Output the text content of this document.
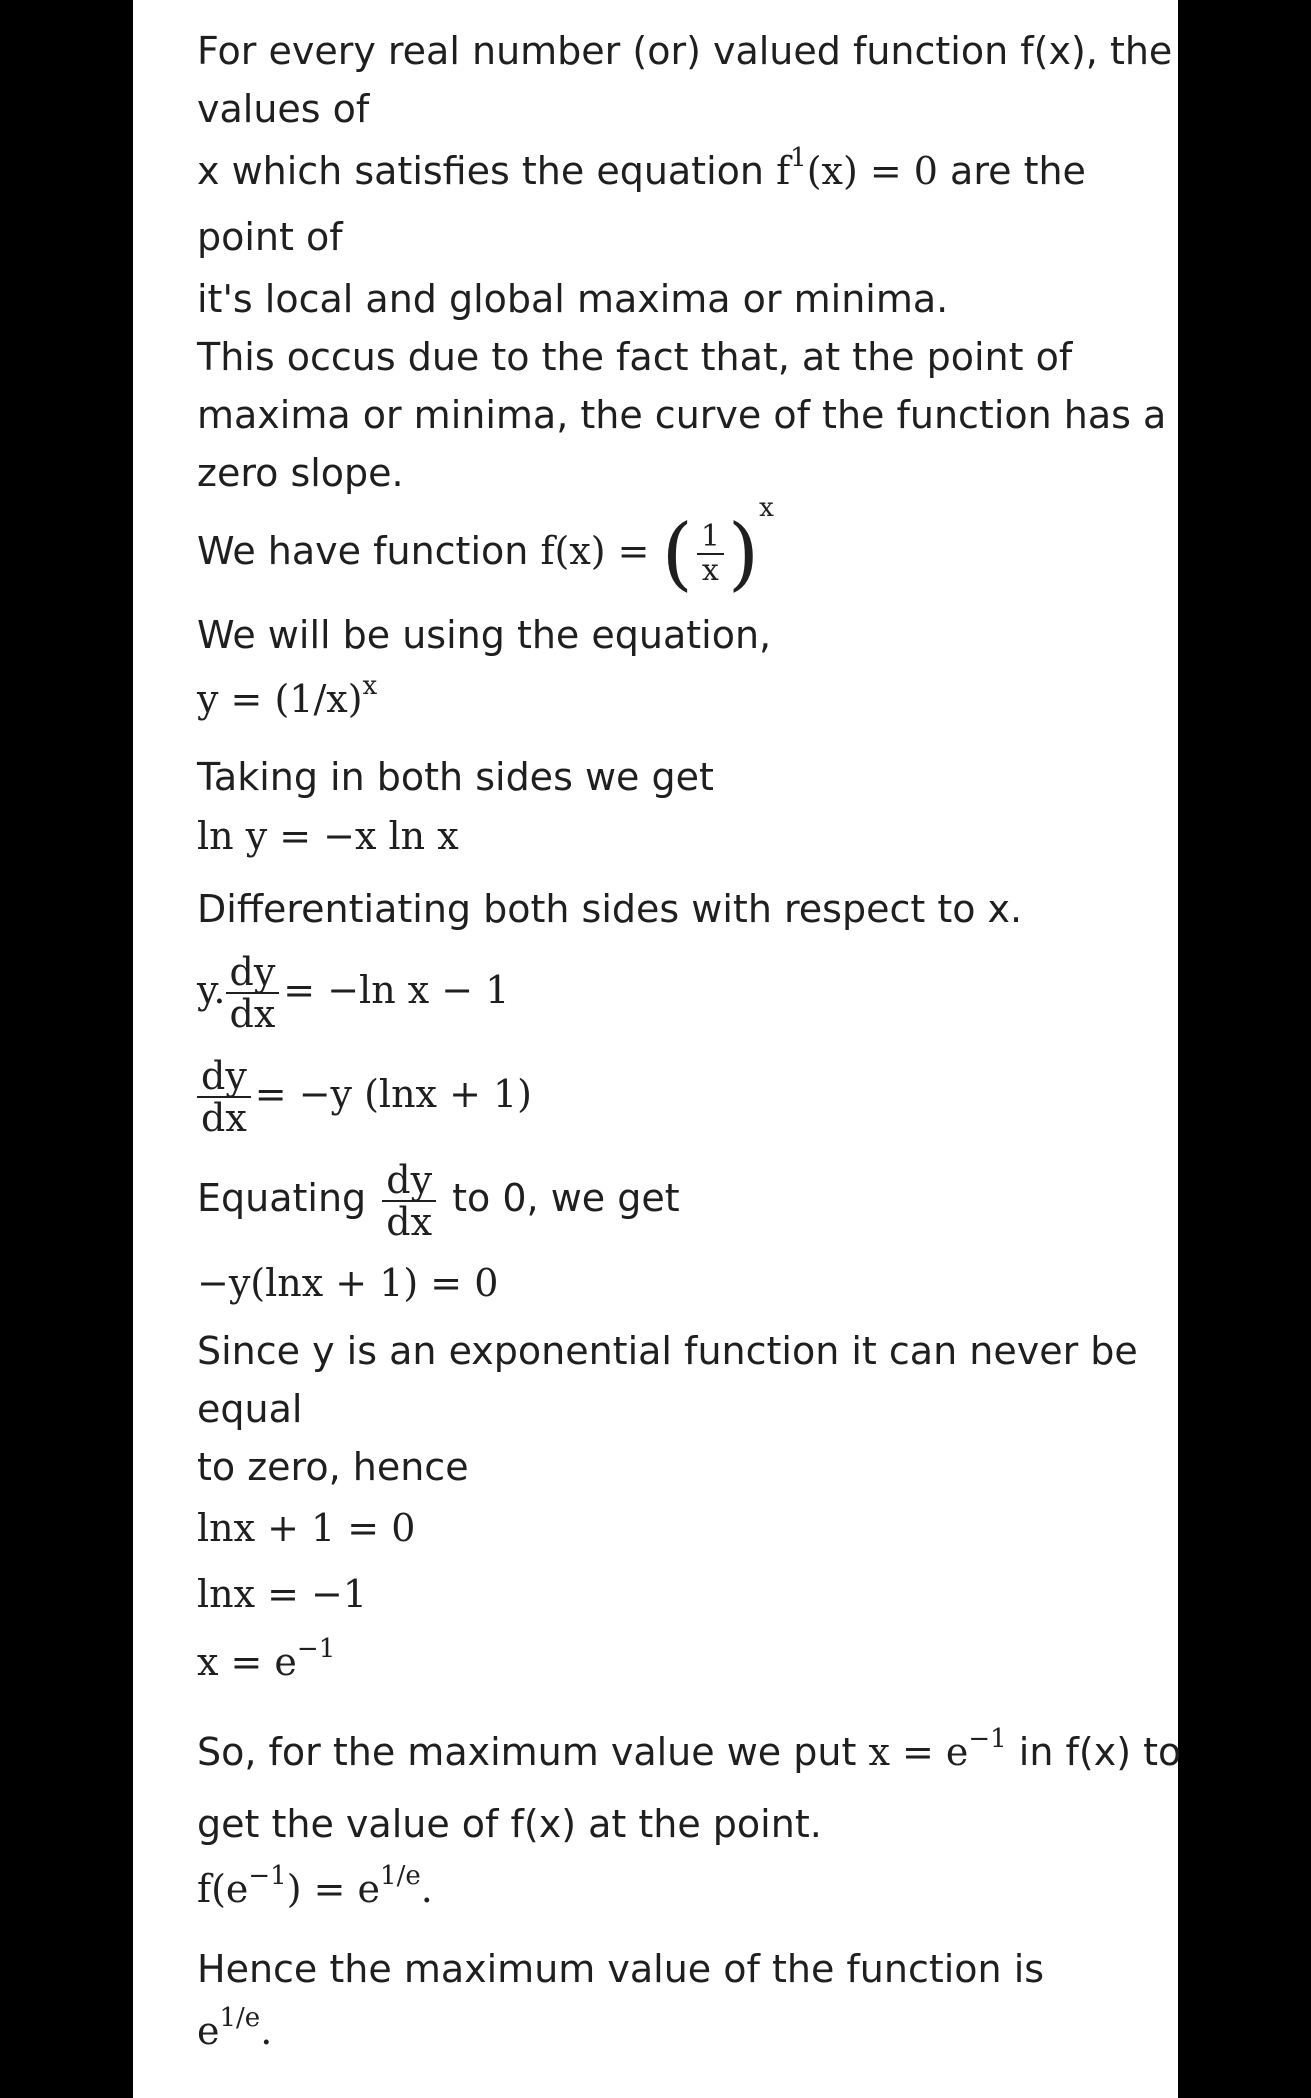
For every real number (or) valued function f(x), the
values of
x which satisfies the equation $f^1(x) = 0$ are the
point of
it's local and global maxima or minima.
This occus due to the fact that, at the point of
maxima or minima, the curve of the function has a
zero slope.
We have function f(x) = ( $\frac{1}{x} )^x$
We will be using the equation,
$y = (1/x)^x$
Taking in both sides we get
ln y = −x ln x
Differentiating both sides with respect to x.
y. $\frac{dy}{dx} = -\ln$ x − 1
$\frac{dy}{dx} = -y$ (lnx + 1)
Equating $\frac{dy}{dx}$ to 0, we get
−y(lnx + 1) = 0
Since y is an exponential function it can never be
equal
to zero, hence
lnx + 1 = 0
lnx = −1
$x = e^{-1}$
So, for the maximum value we put $x = e^{-1}$ in f(x) to
get the value of f(x) at the point.
$f(e^{-1}) = e^{1/e}$.
Hence the maximum value of the function is
$e^{1/e}$.
